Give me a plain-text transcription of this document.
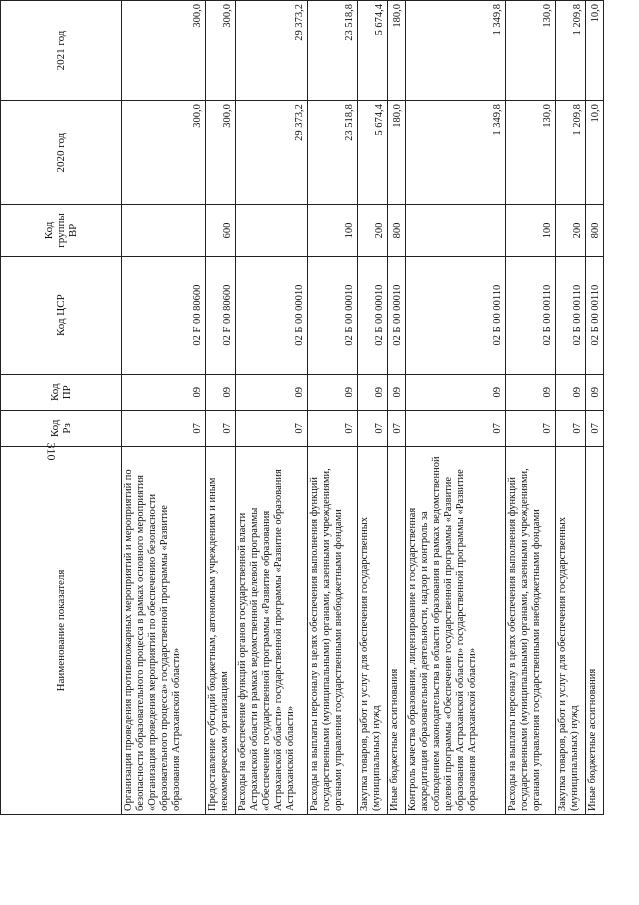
310
Наименование показателя	Код Рз	Код ПР	Код ЦСР	Код группы ВР	2020 год	2021 год
Организация проведения противопожарных мероприятий и мероприятий по безопасности образовательного процесса в рамках основного мероприятия «Организация проведения мероприятий по обеспечению безопасности образовательного процесса» государственной программы «Развитие образования Астраханской области»	07	09	02 F 00 80600		300,0	300,0
Предоставление субсидий бюджетным, автономным учреждениям и иным некоммерческим организациям	07	09	02 F 00 80600	600	300,0	300,0
Расходы на обеспечение функций органов государственной власти Астраханской области в рамках ведомственной целевой программы «Обеспечение государственной программы «Развитие образования Астраханской области» государственной программы «Развитие образования Астраханской области»	07	09	02 Б 00 00010		29 373,2	29 373,2
Расходы на выплаты персоналу в целях обеспечения выполнения функций государственными (муниципальными) органами, казенными учреждениями, органами управления государственными внебюджетными фондами	07	09	02 Б 00 00010	100	23 518,8	23 518,8
Закупка товаров, работ и услуг для обеспечения государственных (муниципальных) нужд	07	09	02 Б 00 00010	200	5 674,4	5 674,4
Иные бюджетные ассигнования	07	09	02 Б 00 00010	800	180,0	180,0
Контроль качества образования, лицензирование и государственная аккредитация образовательной деятельности, надзор и контроль за соблюдением законодательства в области образования в рамках ведомственной целевой программы «Обеспечение государственной программы «Развитие образования Астраханской области» государственной программы «Развитие образования Астраханской области»	07	09	02 Б 00 00110		1 349,8	1 349,8
Расходы на выплаты персоналу в целях обеспечения выполнения функций государственными (муниципальными) органами, казенными учреждениями, органами управления государственными внебюджетными фондами	07	09	02 Б 00 00110	100	130,0	130,0
Закупка товаров, работ и услуг для обеспечения государственных (муниципальных) нужд	07	09	02 Б 00 00110	200	1 209,8	1 209,8
Иные бюджетные ассигнования	07	09	02 Б 00 00110	800	10,0	10,0
